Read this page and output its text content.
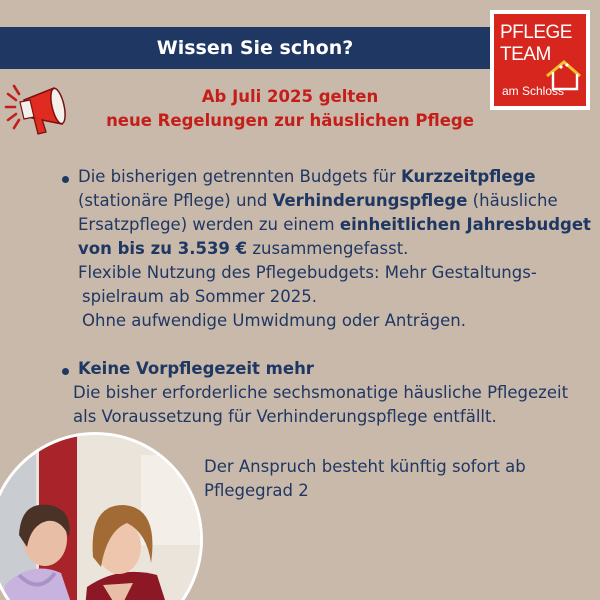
Wissen Sie schon?
PFLEGE
TEAM
am Schloss
Ab Juli 2025 gelten
neue Regelungen zur häuslichen Pflege
Die bisherigen getrennten Budgets für Kurzzeitpflege
(stationäre Pflege) und Verhinderungspflege (häusliche
Ersatzpflege) werden zu einem einheitlichen Jahresbudget
von bis zu 3.539 € zusammengefasst.
Flexible Nutzung des Pflegebudgets: Mehr Gestaltungs-
spielraum ab Sommer 2025.
Ohne aufwendige Umwidmung oder Anträgen.
Keine Vorpflegezeit mehr
Die bisher erforderliche sechsmonatige häusliche Pflegezeit
als Voraussetzung für Verhinderungspflege entfällt.
Der Anspruch besteht künftig sofort ab
Pflegegrad 2
